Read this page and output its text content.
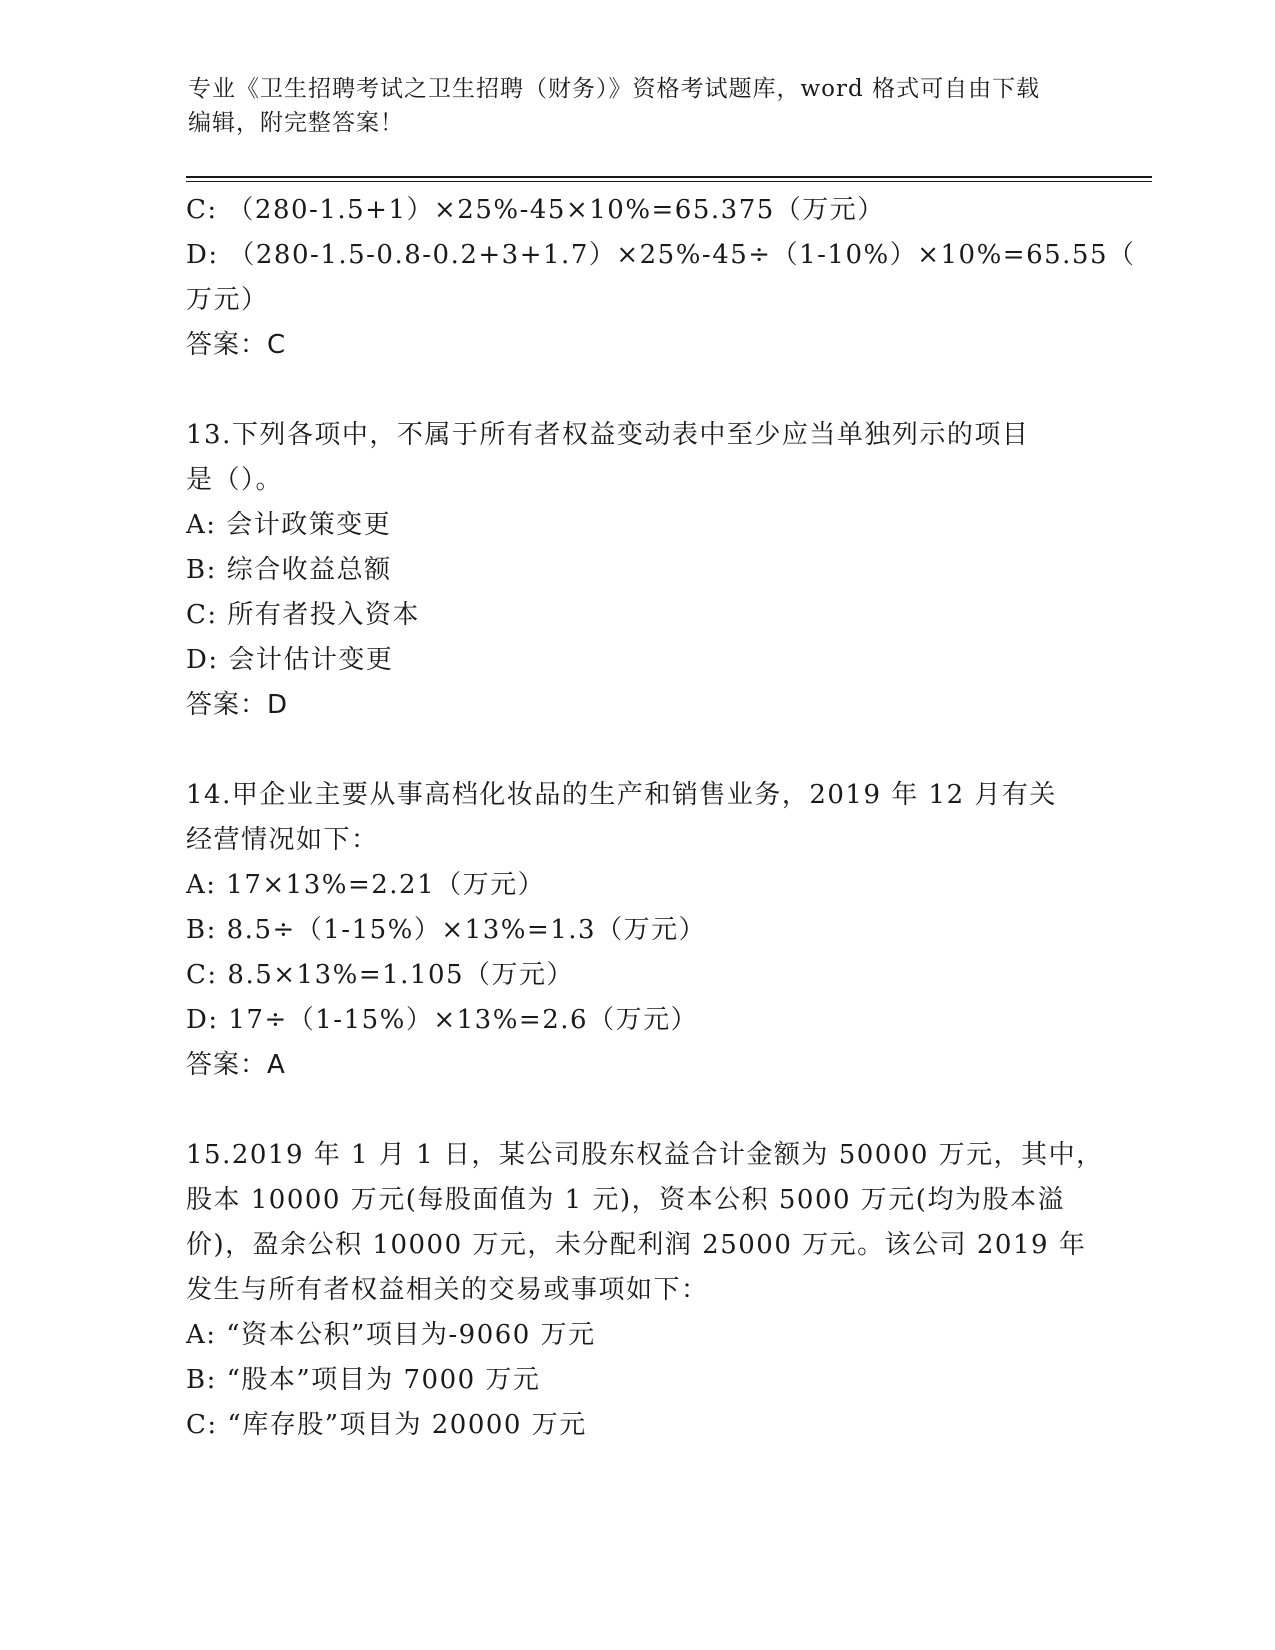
专业《卫生招聘考试之卫生招聘（财务）》资格考试题库，word 格式可自由下载
编辑，附完整答案！
C: （280-1.5+1）×25%-45×10%=65.375（万元）
D: （280-1.5-0.8-0.2+3+1.7）×25%-45÷（1-10%）×10%=65.55（
万元）
答案：C
13.下列各项中，不属于所有者权益变动表中至少应当单独列示的项目
是（）。
A: 会计政策变更
B: 综合收益总额
C: 所有者投入资本
D: 会计估计变更
答案：D
14.甲企业主要从事高档化妆品的生产和销售业务，2019 年 12 月有关
经营情况如下：
A: 17×13%=2.21（万元）
B: 8.5÷（1-15%）×13%=1.3（万元）
C: 8.5×13%=1.105（万元）
D: 17÷（1-15%）×13%=2.6（万元）
答案：A
15.2019 年 1 月 1 日，某公司股东权益合计金额为 50000 万元，其中，
股本 10000 万元(每股面值为 1 元)，资本公积 5000 万元(均为股本溢
价)，盈余公积 10000 万元，未分配利润 25000 万元。该公司 2019 年
发生与所有者权益相关的交易或事项如下：
A: “资本公积”项目为-9060 万元
B: “股本”项目为 7000 万元
C: “库存股”项目为 20000 万元
